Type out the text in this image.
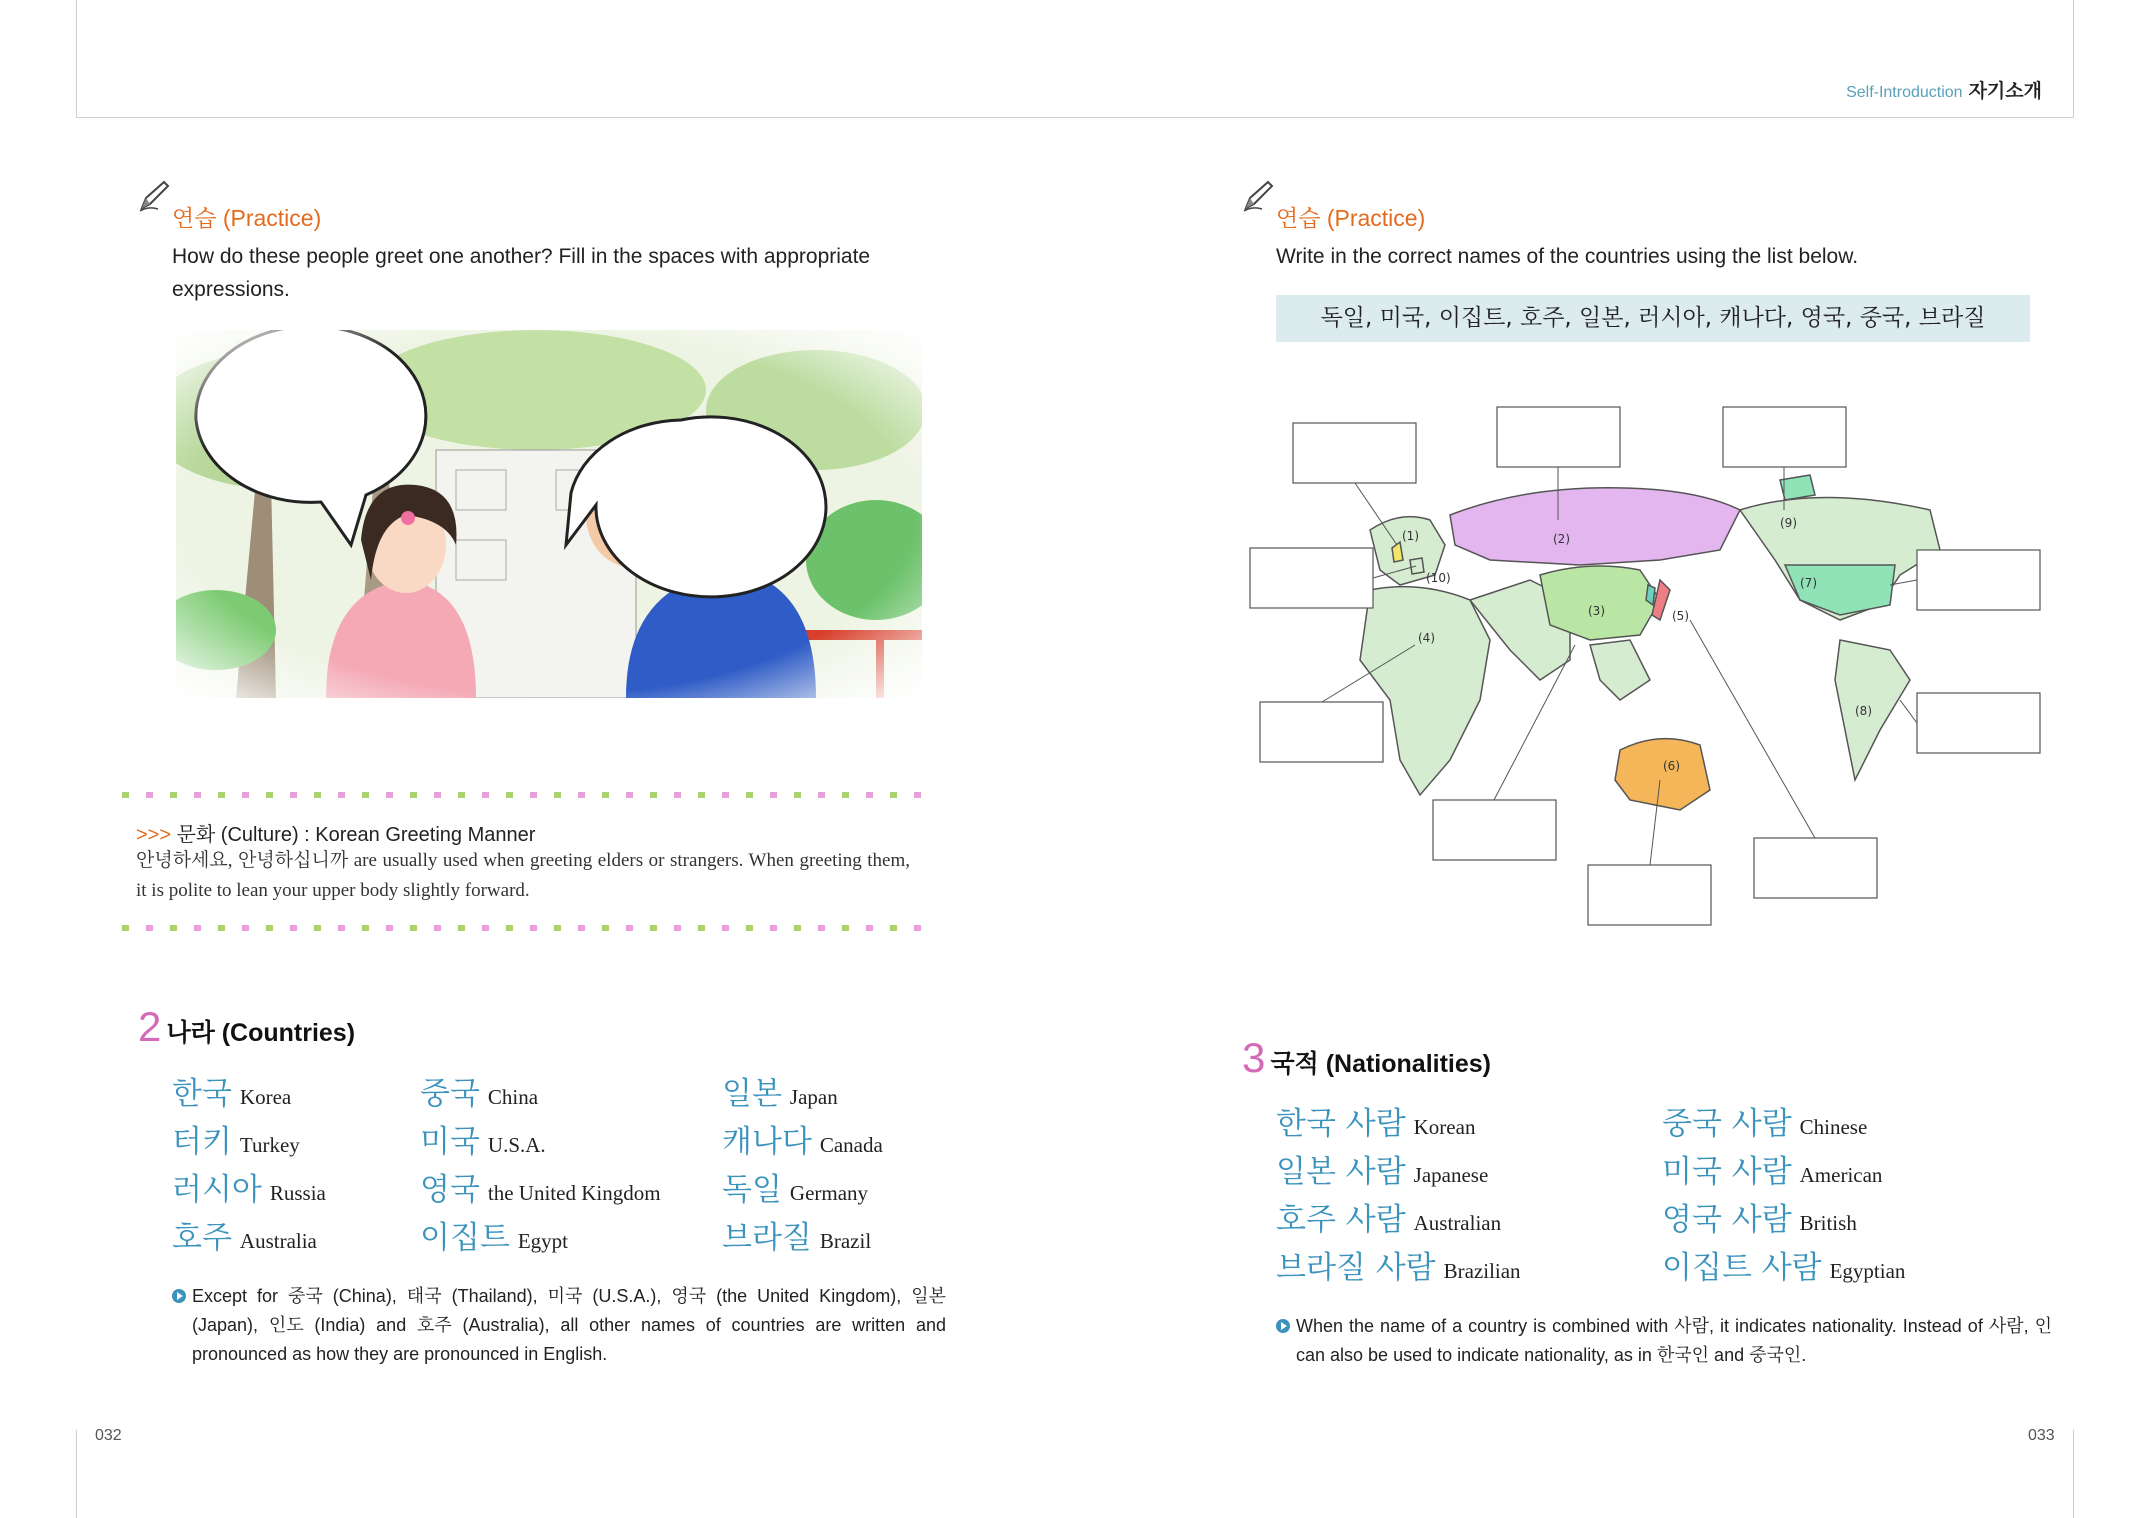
Self-Introduction 자기소개
연습 (Practice)
How do these people greet one another? Fill in the spaces with appropriate expressions.
>>> 문화 (Culture) : Korean Greeting Manner
안녕하세요, 안녕하십니까 are usually used when greeting elders or strangers. When greeting them, it is polite to lean your upper body slightly forward.
2 나라 (Countries)
한국 Korea	중국 China	일본 Japan
터키 Turkey	미국 U.S.A.	캐나다 Canada
러시아 Russia	영국 the United Kingdom 독일 Germany
호주 Australia	이집트 Egypt	브라질 Brazil
Except for 중국 (China), 태국 (Thailand), 미국 (U.S.A.), 영국 (the United Kingdom), 일본 (Japan), 인도 (India) and 호주 (Australia), all other names of countries are written and pronounced as how they are pronounced in English.
032
연습 (Practice)
Write in the correct names of the countries using the list below.
독일, 미국, 이집트, 호주, 일본, 러시아, 캐나다, 영국, 중국, 브라질
(1)	(2)
(3)
(4)
(5)
(6)
(7)
(8)
(9)
(10)
3 국적 (Nationalities)
한국 사람 Korean	중국 사람 Chinese
일본 사람 Japanese	미국 사람 American
호주 사람 Australian	영국 사람 British
브라질 사람 Brazilian	이집트 사람 Egyptian
When the name of a country is combined with 사람, it indicates nationality. Instead of 사람, 인 can also be used to indicate nationality, as in 한국인 and 중국인.
033
